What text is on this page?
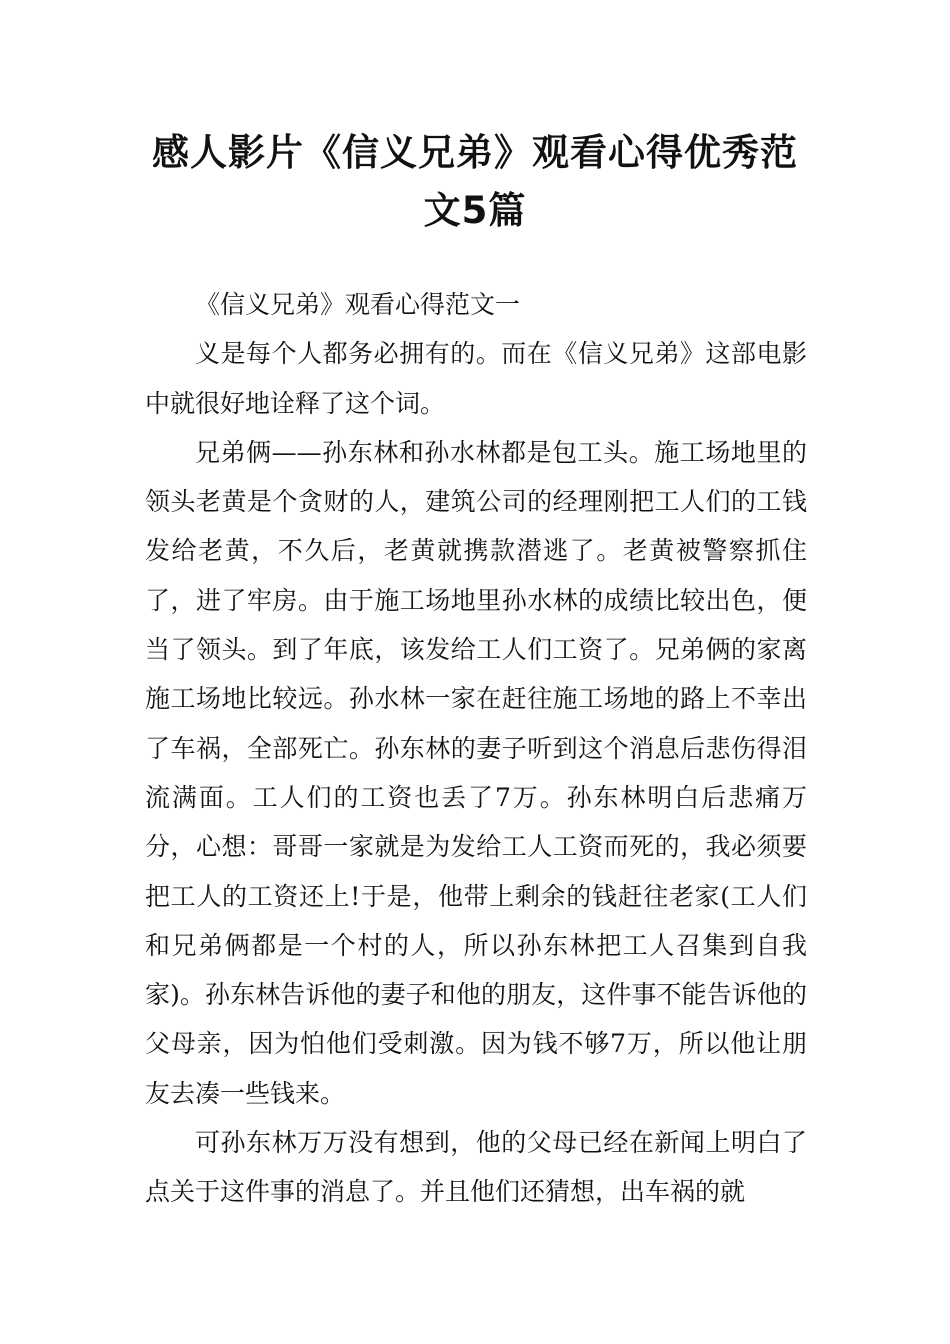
感人影片《信义兄弟》观看心得优秀范文5篇

《信义兄弟》观看心得范文一

义是每个人都务必拥有的。而在《信义兄弟》这部电影中就很好地诠释了这个词。

兄弟俩——孙东林和孙水林都是包工头。施工场地里的领头老黄是个贪财的人，建筑公司的经理刚把工人们的工钱发给老黄，不久后，老黄就携款潜逃了。老黄被警察抓住了，进了牢房。由于施工场地里孙水林的成绩比较出色，便当了领头。到了年底，该发给工人们工资了。兄弟俩的家离施工场地比较远。孙水林一家在赶往施工场地的路上不幸出了车祸，全部死亡。孙东林的妻子听到这个消息后悲伤得泪流满面。工人们的工资也丢了7万。孙东林明白后悲痛万分，心想：哥哥一家就是为发给工人工资而死的，我必须要把工人的工资还上!于是，他带上剩余的钱赶往老家(工人们和兄弟俩都是一个村的人，所以孙东林把工人召集到自我家)。孙东林告诉他的妻子和他的朋友，这件事不能告诉他的父母亲，因为怕他们受刺激。因为钱不够7万，所以他让朋友去凑一些钱来。

可孙东林万万没有想到，他的父母已经在新闻上明白了点关于这件事的消息了。并且他们还猜想，出车祸的就
